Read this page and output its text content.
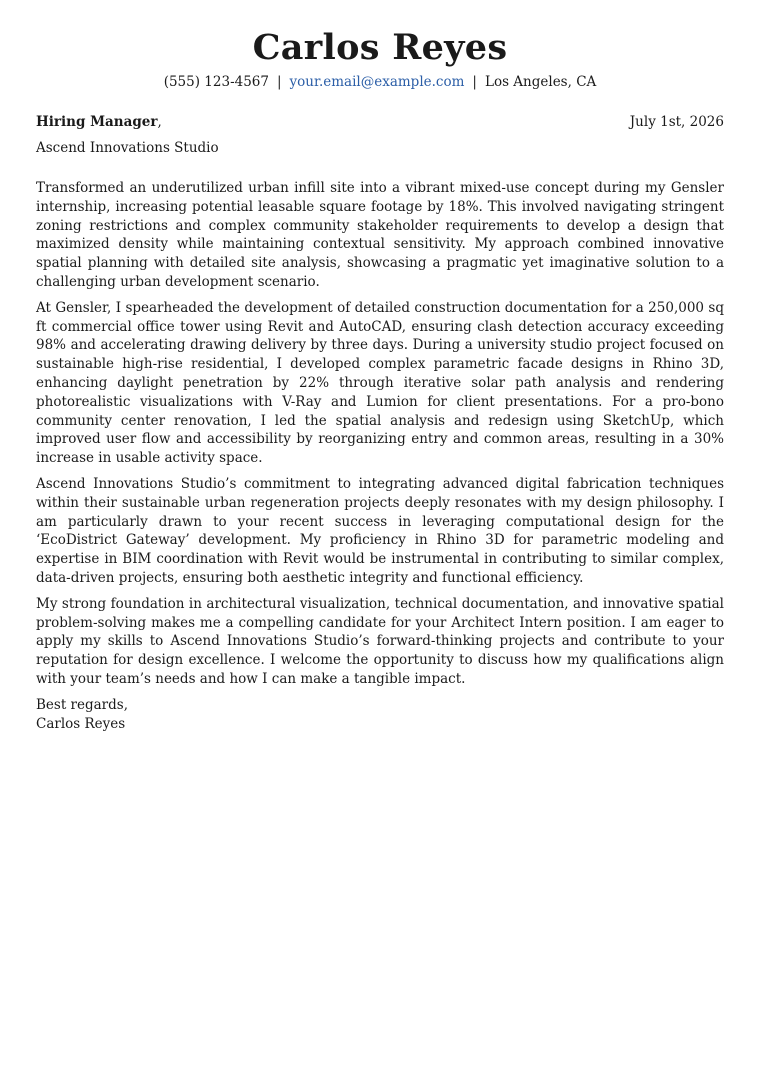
Carlos Reyes
(555) 123-4567 | your.email@example.com | Los Angeles, CA
Hiring Manager,	July 1st, 2026
Ascend Innovations Studio

Transformed an underutilized urban infill site into a vibrant mixed-use concept during my Gensler internship, increasing potential leasable square footage by 18%. This involved navigating stringent zoning restrictions and complex community stakeholder requirements to develop a design that maximized density while maintaining contextual sensitivity. My approach combined innovative spatial planning with detailed site analysis, showcasing a pragmatic yet imaginative solution to a challenging urban development scenario.

At Gensler, I spearheaded the development of detailed construction documentation for a 250,000 sq ft commercial office tower using Revit and AutoCAD, ensuring clash detection accuracy exceeding 98% and accelerating drawing delivery by three days. During a university studio project focused on sustainable high-rise residential, I developed complex parametric facade designs in Rhino 3D, enhancing daylight penetration by 22% through iterative solar path analysis and rendering photorealistic visualizations with V-Ray and Lumion for client presentations. For a pro-bono community center renovation, I led the spatial analysis and redesign using SketchUp, which improved user flow and accessibility by reorganizing entry and common areas, resulting in a 30% increase in usable activity space.

Ascend Innovations Studio’s commitment to integrating advanced digital fabrication techniques within their sustainable urban regeneration projects deeply resonates with my design philosophy. I am particularly drawn to your recent success in leveraging computational design for the ‘EcoDistrict Gateway’ development. My proficiency in Rhino 3D for parametric modeling and expertise in BIM coordination with Revit would be instrumental in contributing to similar complex, data-driven projects, ensuring both aesthetic integrity and functional efficiency.

My strong foundation in architectural visualization, technical documentation, and innovative spatial problem-solving makes me a compelling candidate for your Architect Intern position. I am eager to apply my skills to Ascend Innovations Studio’s forward-thinking projects and contribute to your reputation for design excellence. I welcome the opportunity to discuss how my qualifications align with your team’s needs and how I can make a tangible impact.

Best regards,
Carlos Reyes
